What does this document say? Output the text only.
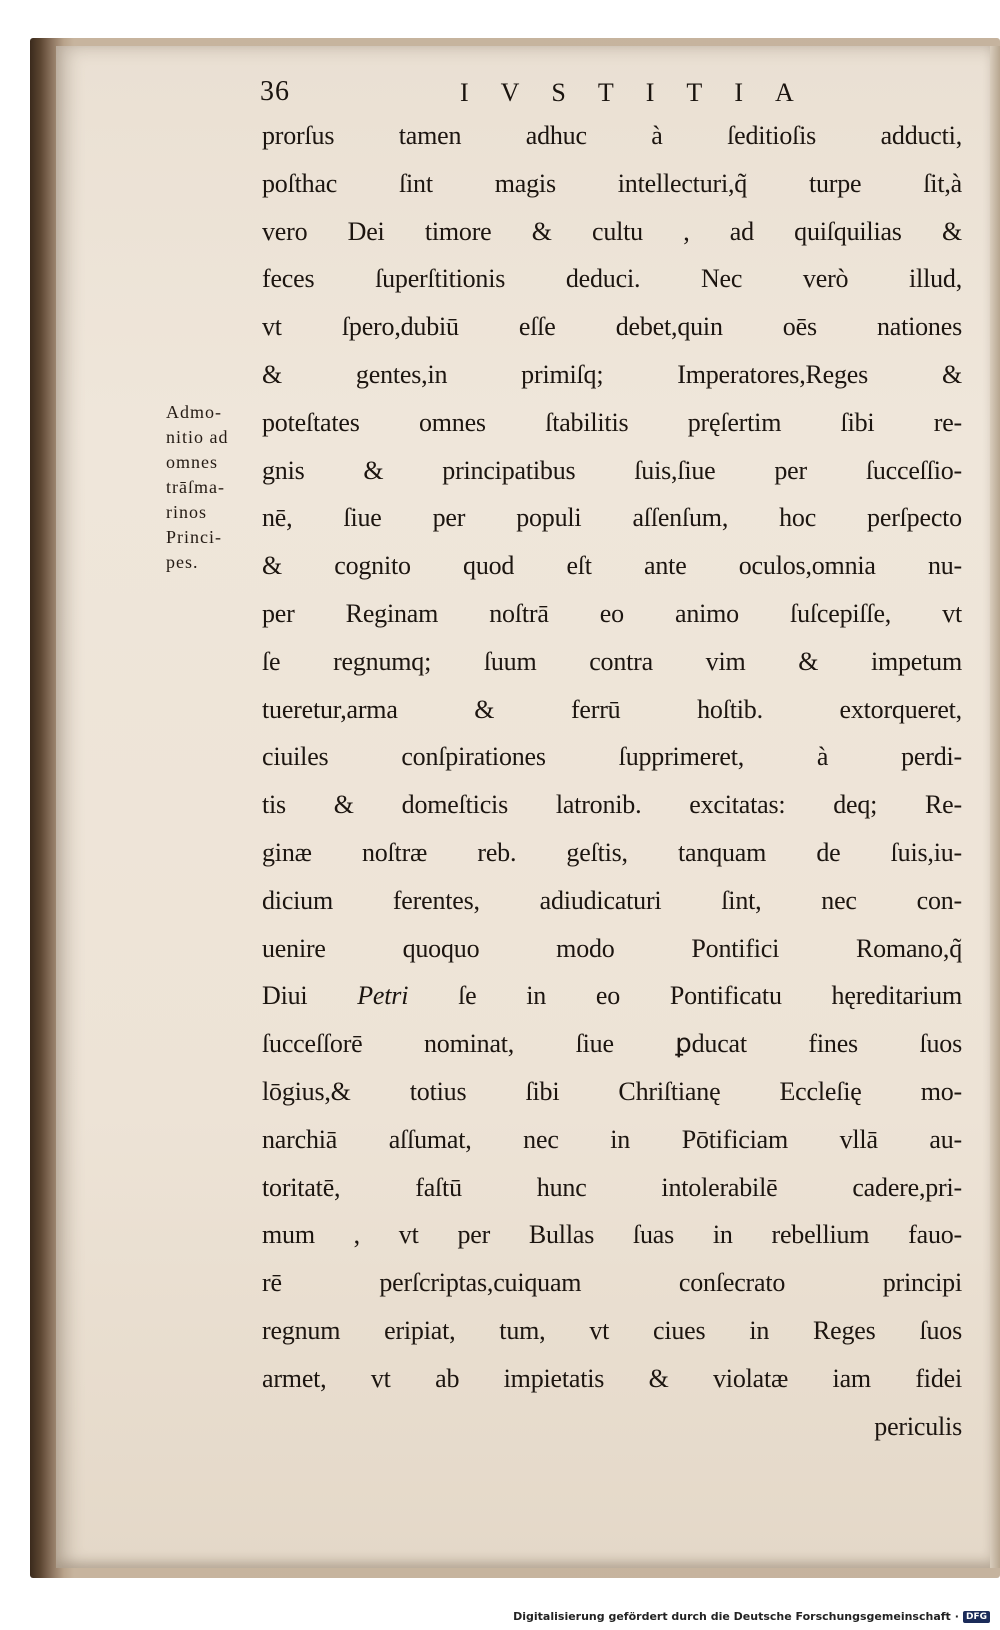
36	IVSTITIA
Admo-
nitio ad
omnes
trāſma-
rinos
Princi-
pes.
prorſus tamen adhuc à ſeditioſis adducti,
poſthac ſint magis intellecturi,q̃ turpe ſit,à
vero Dei timore & cultu , ad quiſquilias &
feces ſuperſtitionis deduci. Nec verò illud,
vt ſpero,dubiū eſſe debet,quin oēs nationes
& gentes,in primiſq; Imperatores,Reges &
poteſtates omnes ſtabilitis pręſertim ſibi re-
gnis & principatibus ſuis,ſiue per ſucceſſio-
nē, ſiue per populi aſſenſum, hoc perſpecto
& cognito quod eſt ante oculos,omnia nu-
per Reginam noſtrā eo animo ſuſcepiſſe, vt
ſe regnumq; ſuum contra vim & impetum
tueretur,arma & ferrū hoſtib. extorqueret,
ciuiles conſpirationes ſupprimeret, à perdi-
tis & domeſticis latronib. excitatas: deq; Re-
ginæ noſtræ reb. geſtis, tanquam de ſuis,iu-
dicium ferentes, adiudicaturi ſint, nec con-
uenire quoquo modo Pontifici Romano,q̃
Diui Petri ſe in eo Pontificatu hęreditarium
ſucceſſorē nominat, ſiue ꝑducat fines ſuos
lōgius,& totius ſibi Chriſtianę Eccleſię mo-
narchiā aſſumat, nec in Pōtificiam vllā au-
toritatē, faſtū hunc intolerabilē cadere,pri-
mum , vt per Bullas ſuas in rebellium fauo-
rē perſcriptas,cuiquam conſecrato principi
regnum eripiat, tum, vt ciues in Reges ſuos
armet, vt ab impietatis & violatæ iam fidei
periculis
Digitalisierung gefördert durch die Deutsche Forschungsgemeinschaft · DFG
